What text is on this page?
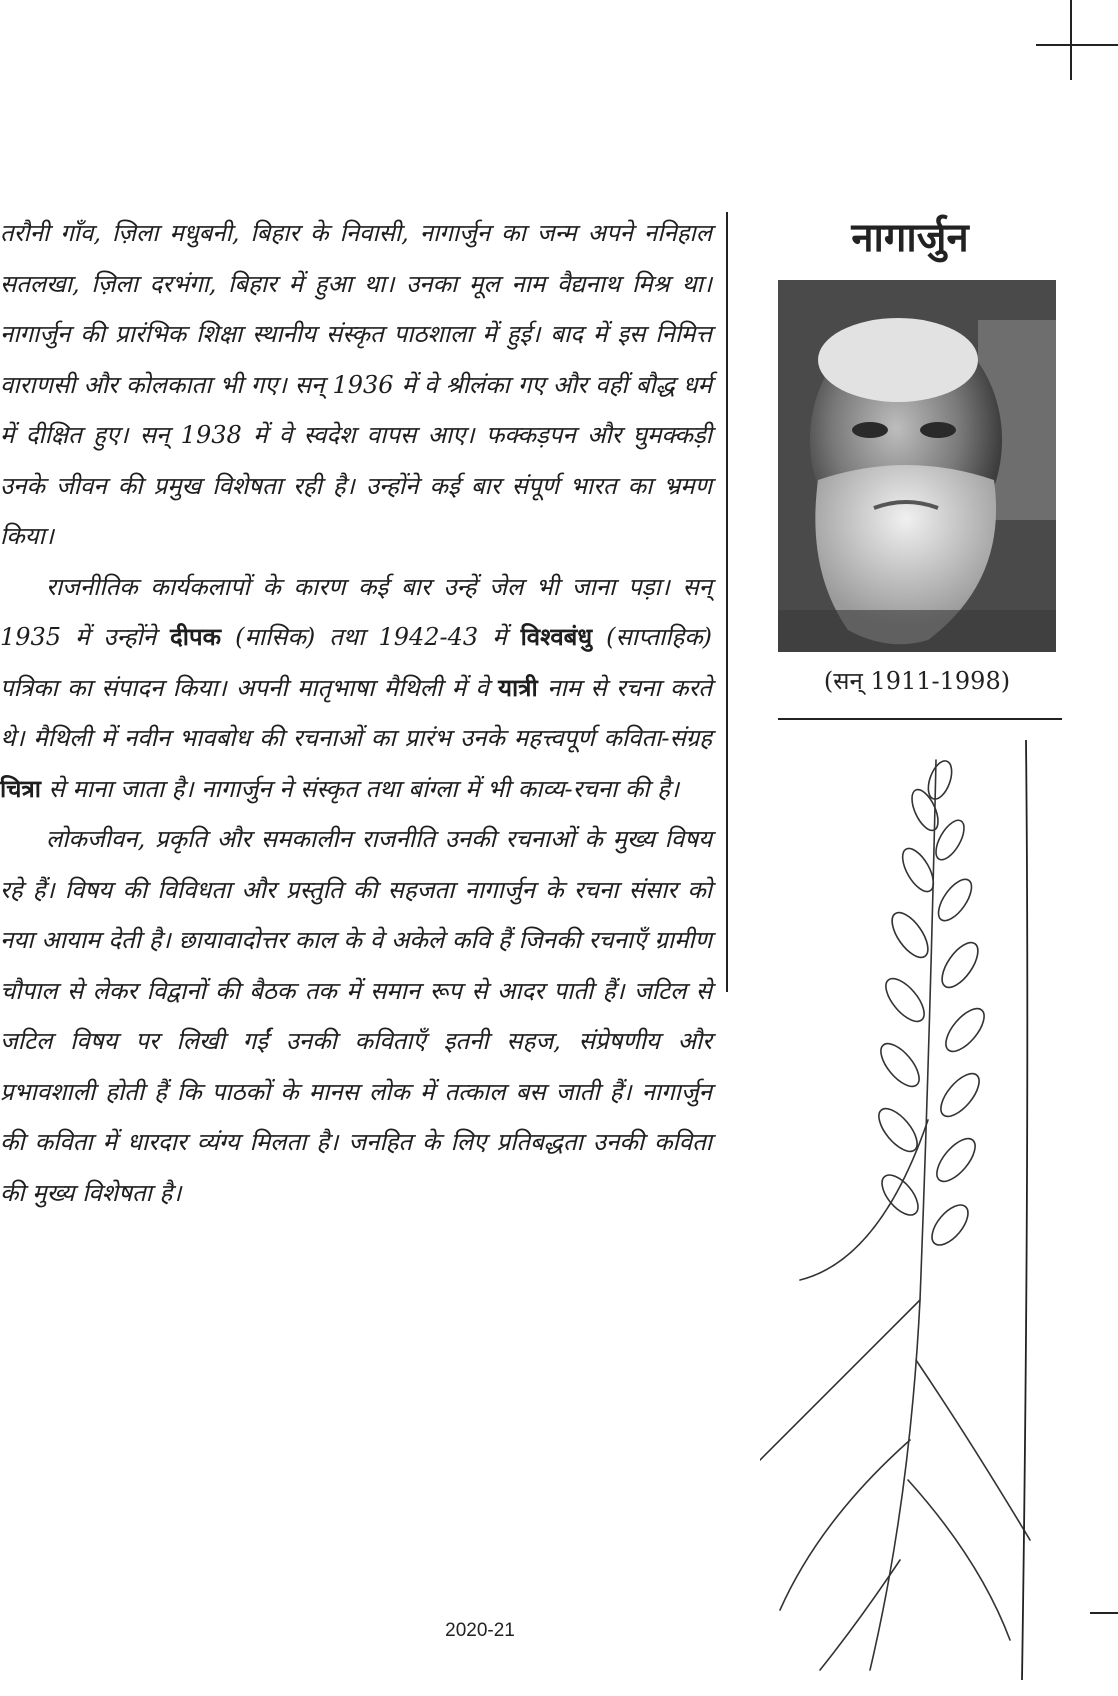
तरौनी गाँव, ज़िला मधुबनी, बिहार के निवासी, नागार्जुन का जन्म अपने ननिहाल सतलखा, ज़िला दरभंगा, बिहार में हुआ था। उनका मूल नाम वैद्यनाथ मिश्र था। नागार्जुन की प्रारंभिक शिक्षा स्थानीय संस्कृत पाठशाला में हुई। बाद में इस निमित्त वाराणसी और कोलकाता भी गए। सन् 1936 में वे श्रीलंका गए और वहीं बौद्ध धर्म में दीक्षित हुए। सन् 1938 में वे स्वदेश वापस आए। फक्कड़पन और घुमक्कड़ी उनके जीवन की प्रमुख विशेषता रही है। उन्होंने कई बार संपूर्ण भारत का भ्रमण किया।

राजनीतिक कार्यकलापों के कारण कई बार उन्हें जेल भी जाना पड़ा। सन् 1935 में उन्होंने दीपक (मासिक) तथा 1942-43 में विश्वबंधु (साप्ताहिक) पत्रिका का संपादन किया। अपनी मातृभाषा मैथिली में वे यात्री नाम से रचना करते थे। मैथिली में नवीन भावबोध की रचनाओं का प्रारंभ उनके महत्त्वपूर्ण कविता-संग्रह चित्रा से माना जाता है। नागार्जुन ने संस्कृत तथा बांग्ला में भी काव्य-रचना की है।

लोकजीवन, प्रकृति और समकालीन राजनीति उनकी रचनाओं के मुख्य विषय रहे हैं। विषय की विविधता और प्रस्तुति की सहजता नागार्जुन के रचना संसार को नया आयाम देती है। छायावादोत्तर काल के वे अकेले कवि हैं जिनकी रचनाएँ ग्रामीण चौपाल से लेकर विद्वानों की बैठक तक में समान रूप से आदर पाती हैं। जटिल से जटिल विषय पर लिखी गईं उनकी कविताएँ इतनी सहज, संप्रेषणीय और प्रभावशाली होती हैं कि पाठकों के मानस लोक में तत्काल बस जाती हैं। नागार्जुन की कविता में धारदार व्यंग्य मिलता है। जनहित के लिए प्रतिबद्धता उनकी कविता की मुख्य विशेषता है।

नागार्जुन
(सन् 1911-1998)
2020-21
